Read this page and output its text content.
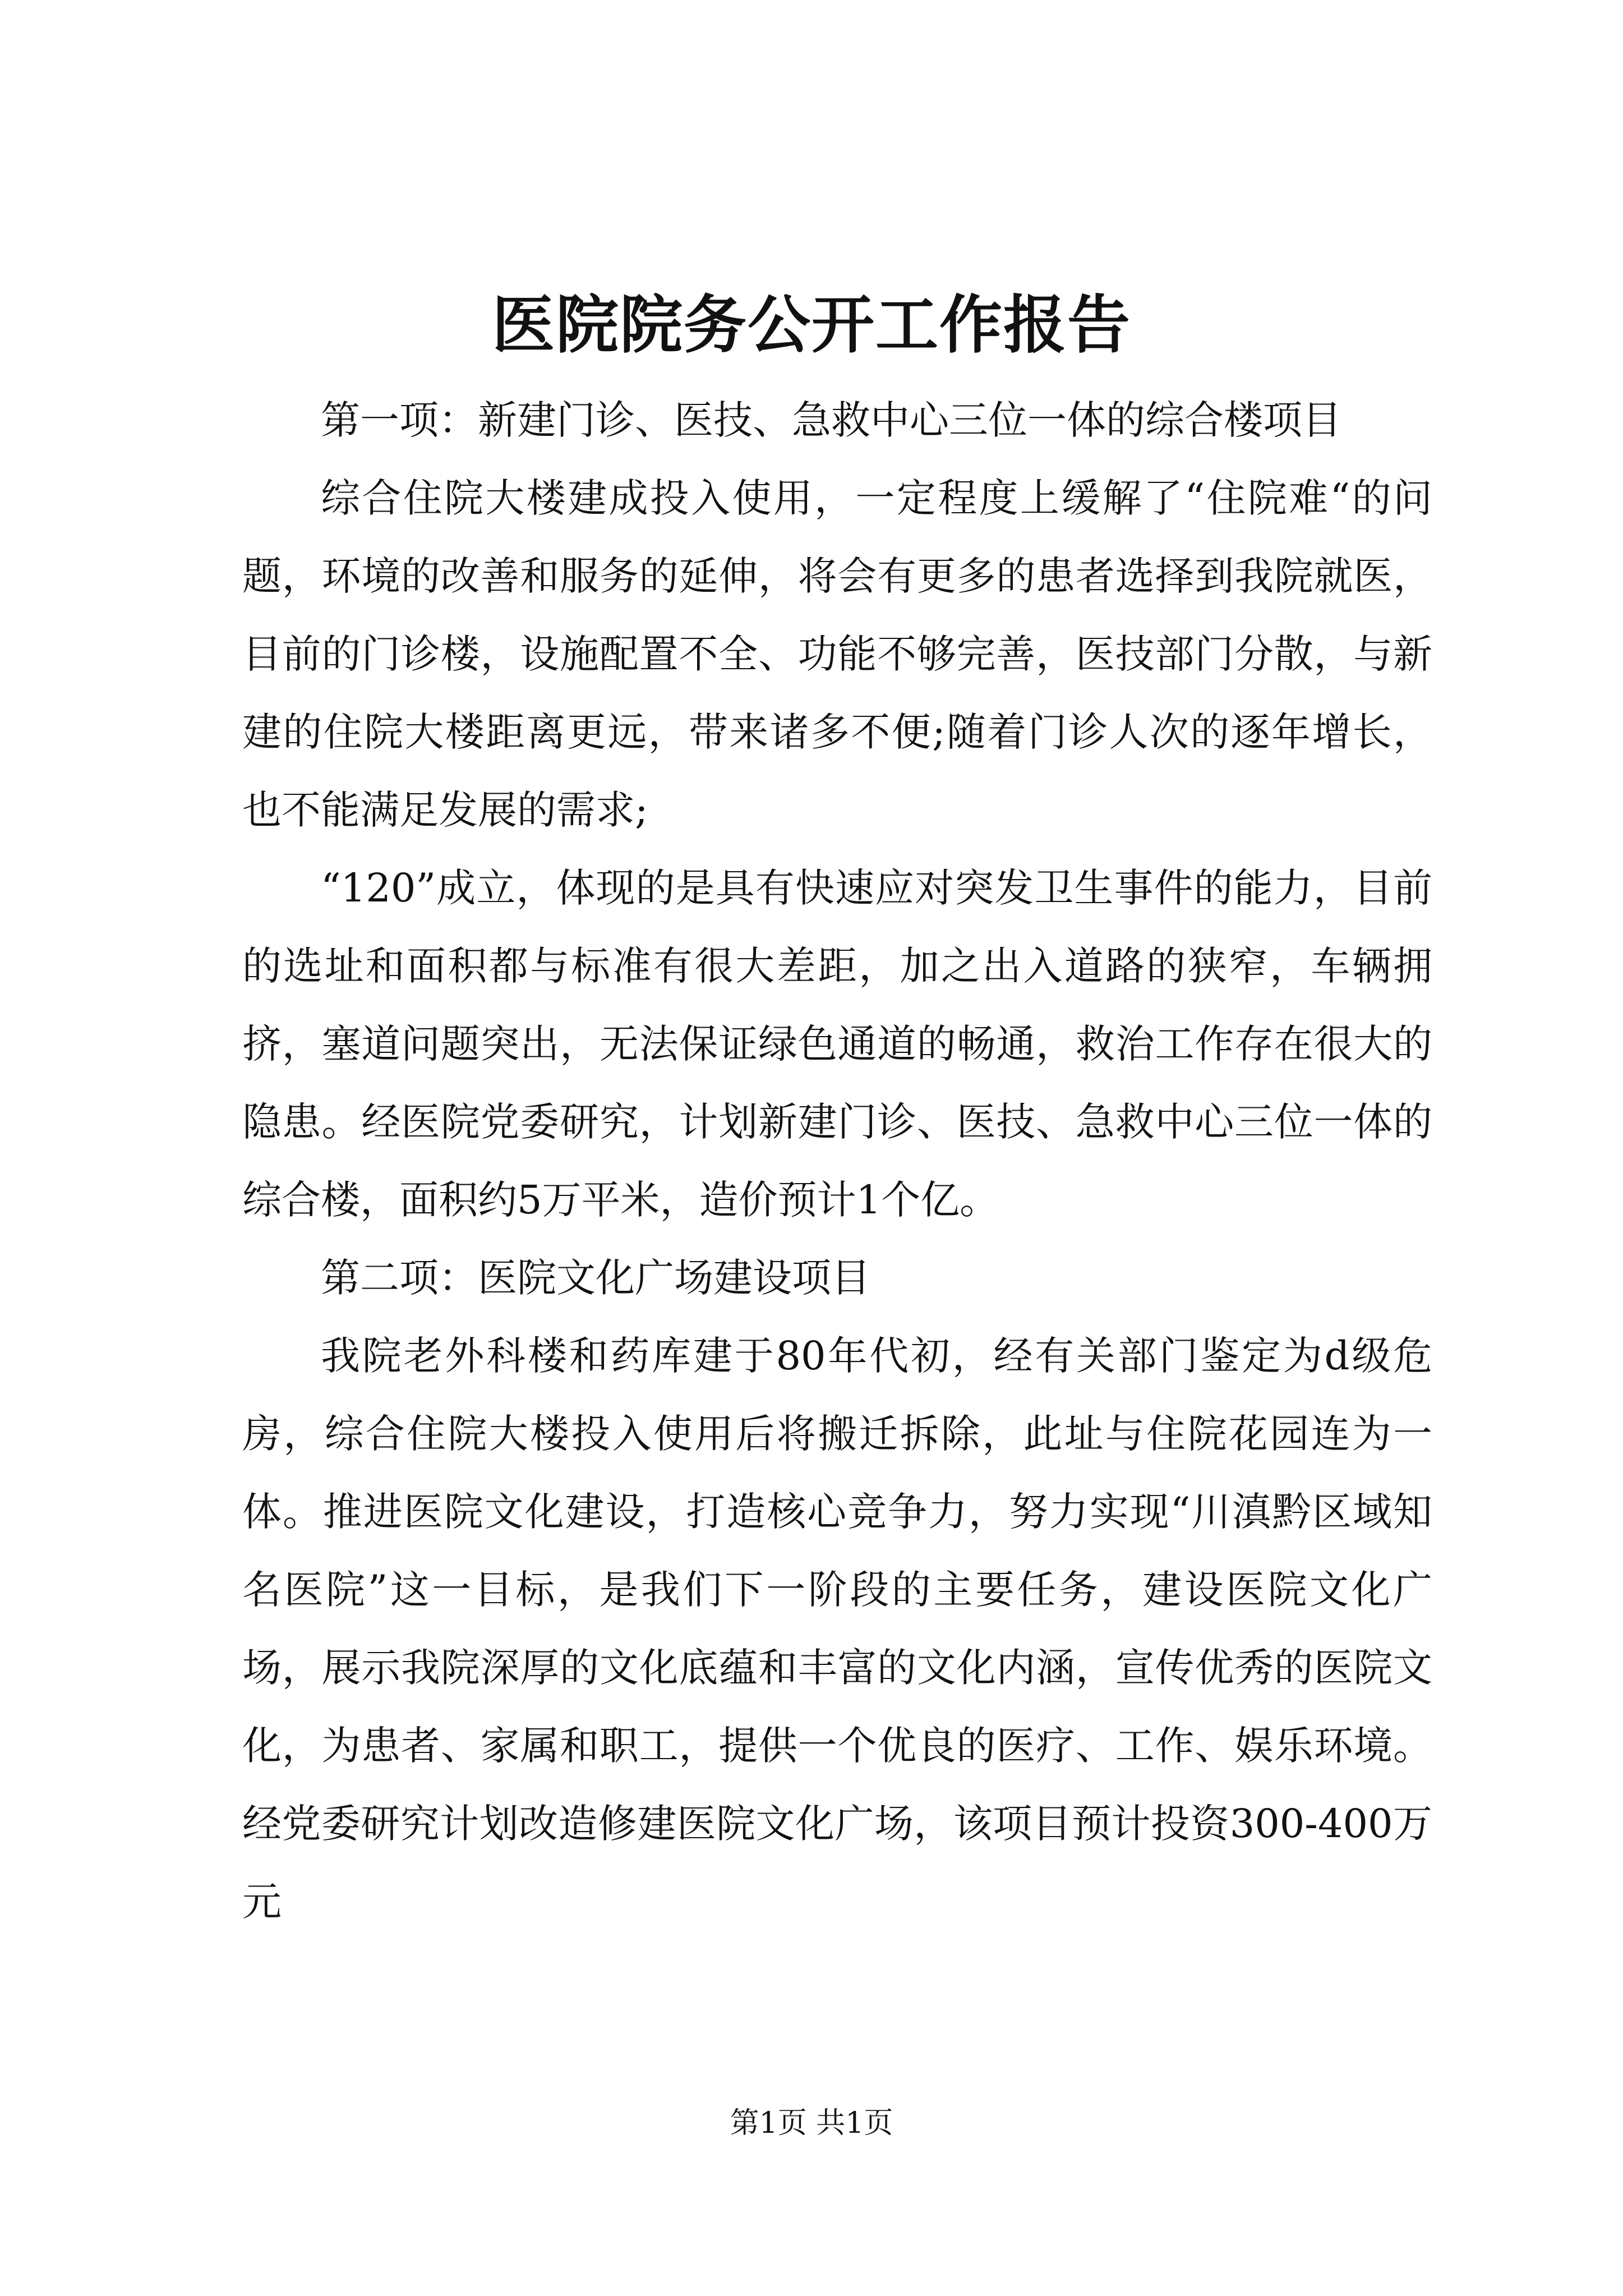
医院院务公开工作报告

第一项：新建门诊、医技、急救中心三位一体的综合楼项目

综合住院大楼建成投入使用，一定程度上缓解了“住院难“的问题，环境的改善和服务的延伸，将会有更多的患者选择到我院就医，目前的门诊楼，设施配置不全、功能不够完善，医技部门分散，与新建的住院大楼距离更远，带来诸多不便;随着门诊人次的逐年增长，也不能满足发展的需求;

“120”成立，体现的是具有快速应对突发卫生事件的能力，目前的选址和面积都与标准有很大差距，加之出入道路的狭窄，车辆拥挤，塞道问题突出，无法保证绿色通道的畅通，救治工作存在很大的隐患。经医院党委研究，计划新建门诊、医技、急救中心三位一体的综合楼，面积约5万平米，造价预计1个亿。

第二项：医院文化广场建设项目

我院老外科楼和药库建于80年代初，经有关部门鉴定为d级危房，综合住院大楼投入使用后将搬迁拆除，此址与住院花园连为一体。推进医院文化建设，打造核心竞争力，努力实现“川滇黔区域知名医院”这一目标，是我们下一阶段的主要任务，建设医院文化广场，展示我院深厚的文化底蕴和丰富的文化内涵，宣传优秀的医院文化，为患者、家属和职工，提供一个优良的医疗、工作、娱乐环境。经党委研究计划改造修建医院文化广场，该项目预计投资300-400万元

第1页 共1页
